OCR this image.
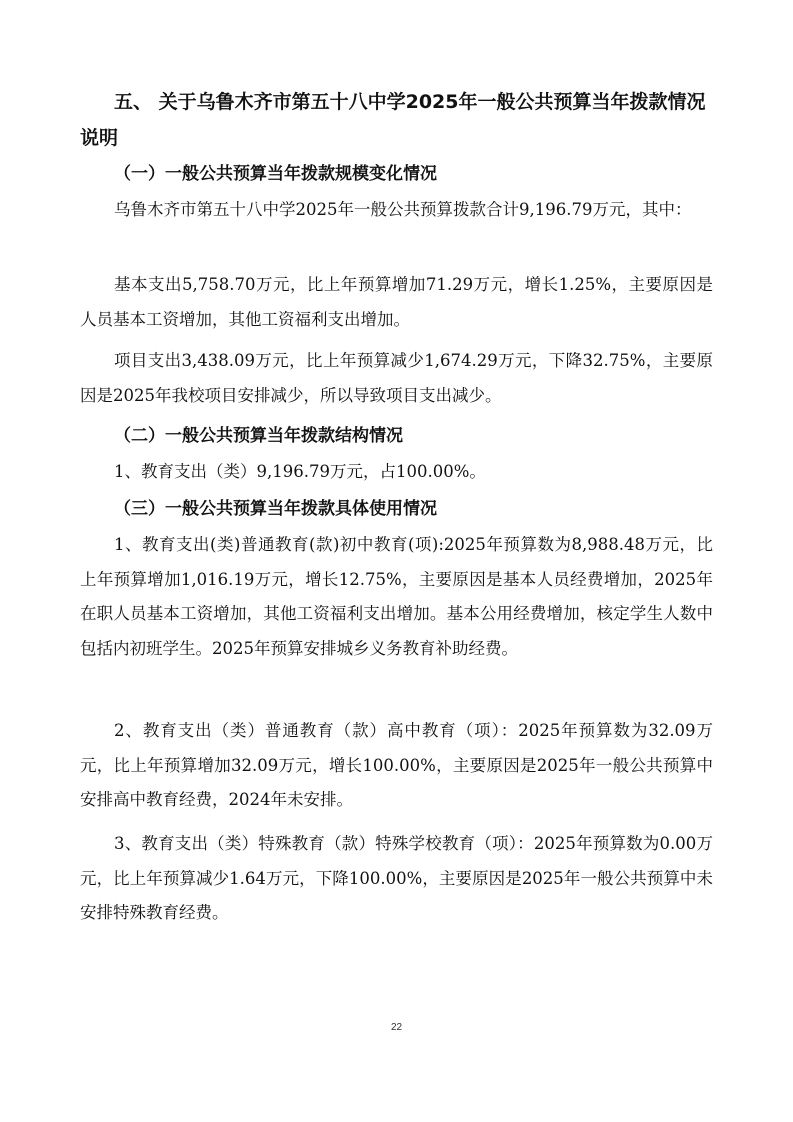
五、 关于乌鲁木齐市第五十八中学2025年一般公共预算当年拨款情况说明

（一）一般公共预算当年拨款规模变化情况

乌鲁木齐市第五十八中学2025年一般公共预算拨款合计9,196.79万元，其中：

基本支出5,758.70万元，比上年预算增加71.29万元，增长1.25%，主要原因是人员基本工资增加，其他工资福利支出增加。

项目支出3,438.09万元，比上年预算减少1,674.29万元，下降32.75%，主要原因是2025年我校项目安排减少，所以导致项目支出减少。

（二）一般公共预算当年拨款结构情况

1、教育支出（类）9,196.79万元，占100.00%。

（三）一般公共预算当年拨款具体使用情况

1、教育支出(类)普通教育(款)初中教育(项):2025年预算数为8,988.48万元，比上年预算增加1,016.19万元，增长12.75%，主要原因是基本人员经费增加，2025年在职人员基本工资增加，其他工资福利支出增加。基本公用经费增加，核定学生人数中包括内初班学生。2025年预算安排城乡义务教育补助经费。

2、教育支出（类）普通教育（款）高中教育（项）：2025年预算数为32.09万元，比上年预算增加32.09万元，增长100.00%，主要原因是2025年一般公共预算中安排高中教育经费，2024年未安排。

3、教育支出（类）特殊教育（款）特殊学校教育（项）：2025年预算数为0.00万元，比上年预算减少1.64万元，下降100.00%，主要原因是2025年一般公共预算中未安排特殊教育经费。

22
